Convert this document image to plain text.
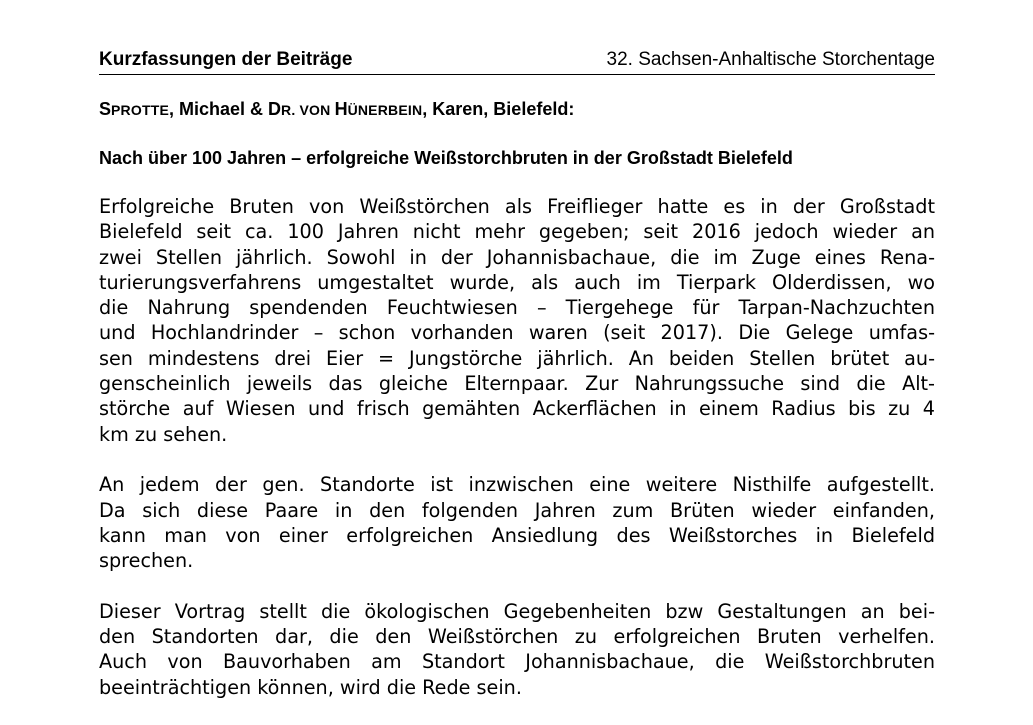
Kurzfassungen der Beiträge	32. Sachsen-Anhaltische Storchentage
SPROTTE, Michael & DR. VON HÜNERBEIN, Karen, Bielefeld:
Nach über 100 Jahren – erfolgreiche Weißstorchbruten in der Großstadt Bielefeld
Erfolgreiche Bruten von Weißstörchen als Freiflieger hatte es in der Großstadt
Bielefeld seit ca. 100 Jahren nicht mehr gegeben; seit 2016 jedoch wieder an
zwei Stellen jährlich. Sowohl in der Johannisbachaue, die im Zuge eines Rena-
turierungsverfahrens umgestaltet wurde, als auch im Tierpark Olderdissen, wo
die Nahrung spendenden Feuchtwiesen – Tiergehege für Tarpan-Nachzuchten
und Hochlandrinder – schon vorhanden waren (seit 2017). Die Gelege umfas-
sen mindestens drei Eier = Jungstörche jährlich. An beiden Stellen brütet au-
genscheinlich jeweils das gleiche Elternpaar. Zur Nahrungssuche sind die Alt-
störche auf Wiesen und frisch gemähten Ackerflächen in einem Radius bis zu 4
km zu sehen.
An jedem der gen. Standorte ist inzwischen eine weitere Nisthilfe aufgestellt.
Da sich diese Paare in den folgenden Jahren zum Brüten wieder einfanden,
kann man von einer erfolgreichen Ansiedlung des Weißstorches in Bielefeld
sprechen.
Dieser Vortrag stellt die ökologischen Gegebenheiten bzw Gestaltungen an bei-
den Standorten dar, die den Weißstörchen zu erfolgreichen Bruten verhelfen.
Auch von Bauvorhaben am Standort Johannisbachaue, die Weißstorchbruten
beeinträchtigen können, wird die Rede sein.
